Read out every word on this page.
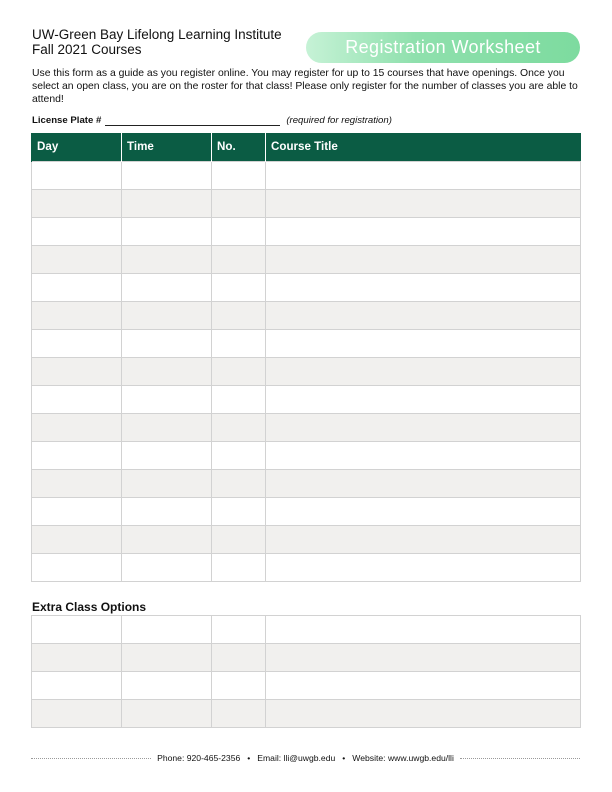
UW-Green Bay Lifelong Learning Institute
Fall 2021 Courses	Registration Worksheet

Use this form as a guide as you register online. You may register for up to 15 courses that have openings. Once you select an open class, you are on the roster for that class! Please only register for the number of classes you are able to attend!

License Plate #	(required for registration)
Day	Time	No.	Course Title

Extra Class Options

Phone: 920-465-2356 • Email: lli@uwgb.edu • Website: www.uwgb.edu/lli
